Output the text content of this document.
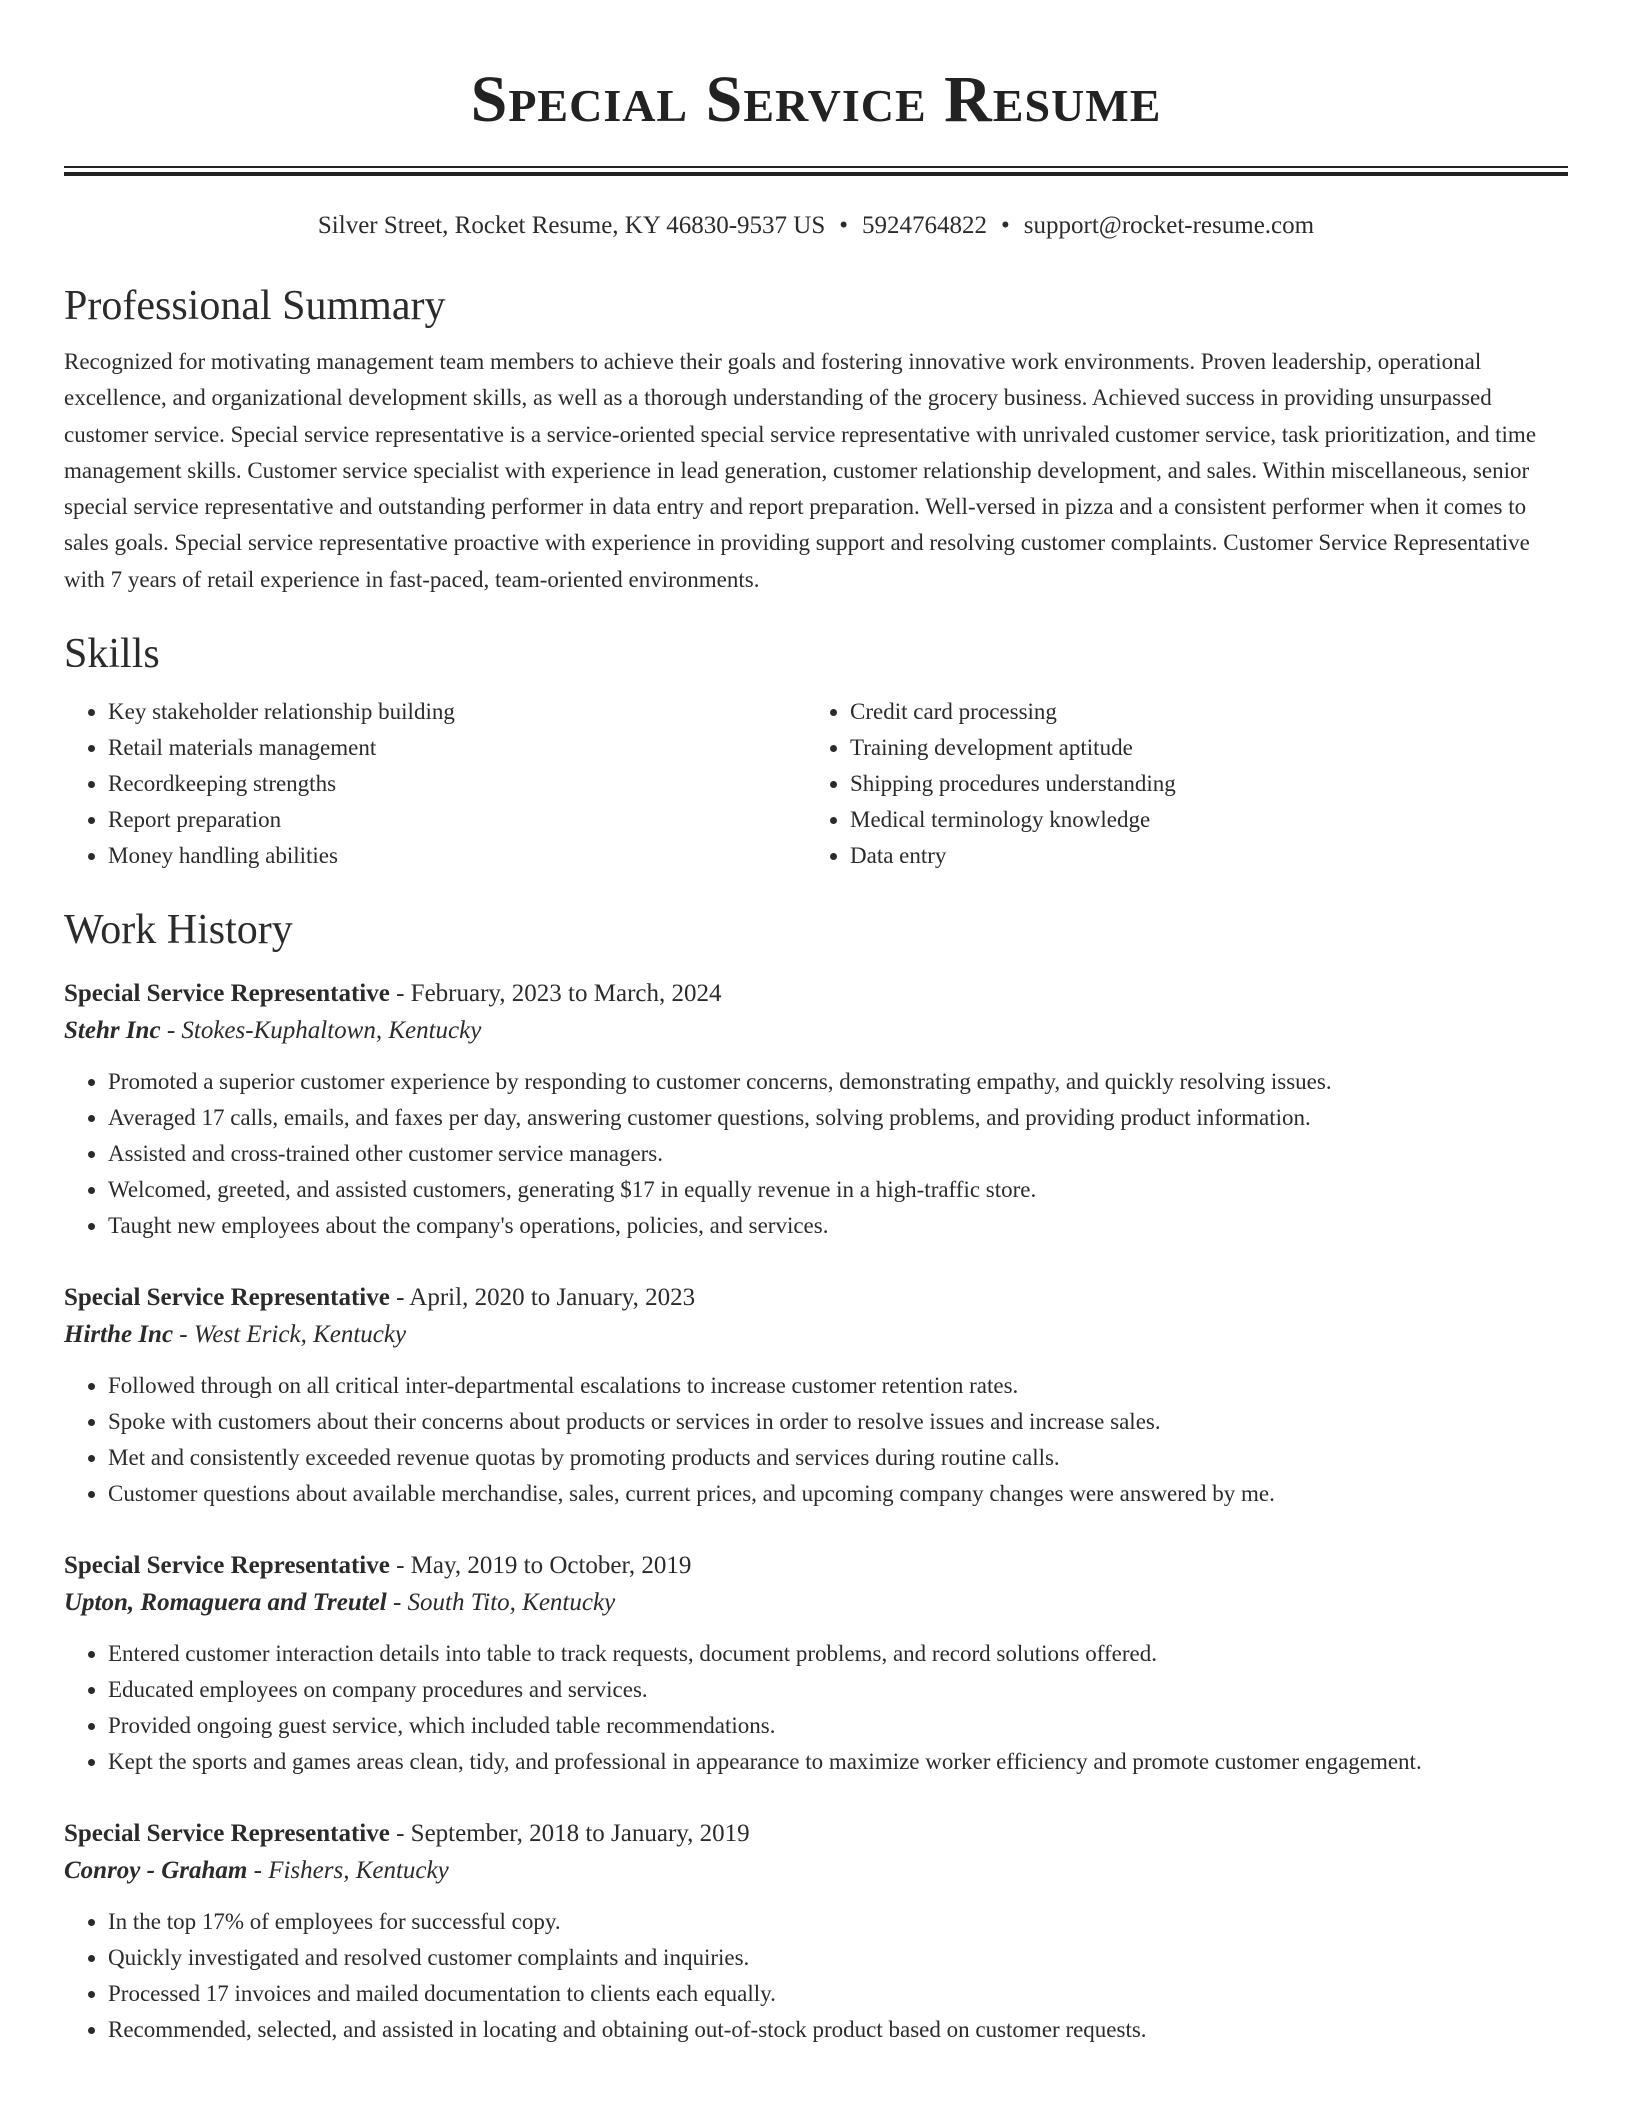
Special Service Resume
Silver Street, Rocket Resume, KY 46830-9537 US • 5924764822 • support@rocket-resume.com
Professional Summary

Recognized for motivating management team members to achieve their goals and fostering innovative work environments. Proven leadership, operational excellence, and organizational development skills, as well as a thorough understanding of the grocery business. Achieved success in providing unsurpassed customer service. Special service representative is a service-oriented special service representative with unrivaled customer service, task prioritization, and time management skills. Customer service specialist with experience in lead generation, customer relationship development, and sales. Within miscellaneous, senior special service representative and outstanding performer in data entry and report preparation. Well-versed in pizza and a consistent performer when it comes to sales goals. Special service representative proactive with experience in providing support and resolving customer complaints. Customer Service Representative with 7 years of retail experience in fast-paced, team-oriented environments.

Skills
• Key stakeholder relationship building
• Retail materials management
• Recordkeeping strengths
• Report preparation
• Money handling abilities
• Credit card processing
• Training development aptitude
• Shipping procedures understanding
• Medical terminology knowledge
• Data entry
Work History
Special Service Representative - February, 2023 to March, 2024
Stehr Inc - Stokes-Kuphaltown, Kentucky
• Promoted a superior customer experience by responding to customer concerns, demonstrating empathy, and quickly resolving issues.
• Averaged 17 calls, emails, and faxes per day, answering customer questions, solving problems, and providing product information.
• Assisted and cross-trained other customer service managers.
• Welcomed, greeted, and assisted customers, generating $17 in equally revenue in a high-traffic store.
• Taught new employees about the company's operations, policies, and services.
Special Service Representative - April, 2020 to January, 2023
Hirthe Inc - West Erick, Kentucky
• Followed through on all critical inter-departmental escalations to increase customer retention rates.
• Spoke with customers about their concerns about products or services in order to resolve issues and increase sales.
• Met and consistently exceeded revenue quotas by promoting products and services during routine calls.
• Customer questions about available merchandise, sales, current prices, and upcoming company changes were answered by me.
Special Service Representative - May, 2019 to October, 2019
Upton, Romaguera and Treutel - South Tito, Kentucky
• Entered customer interaction details into table to track requests, document problems, and record solutions offered.
• Educated employees on company procedures and services.
• Provided ongoing guest service, which included table recommendations.
• Kept the sports and games areas clean, tidy, and professional in appearance to maximize worker efficiency and promote customer engagement.
Special Service Representative - September, 2018 to January, 2019
Conroy - Graham - Fishers, Kentucky
• In the top 17% of employees for successful copy.
• Quickly investigated and resolved customer complaints and inquiries.
• Processed 17 invoices and mailed documentation to clients each equally.
• Recommended, selected, and assisted in locating and obtaining out-of-stock product based on customer requests.
